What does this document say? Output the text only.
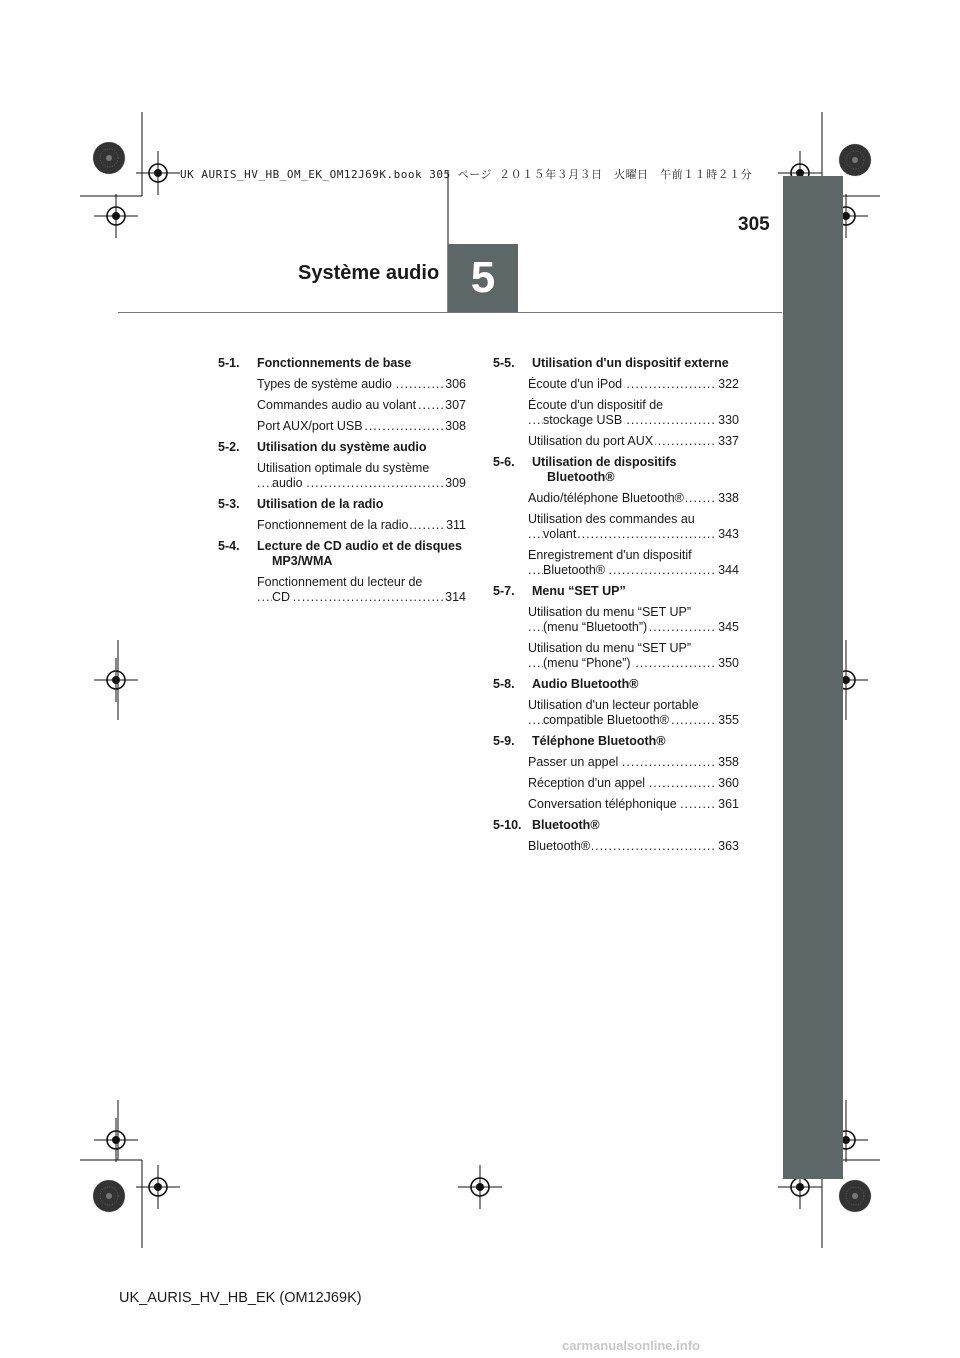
UK AURIS_HV_HB_OM_EK_OM12J69K.book 305 ページ ２０１５年３月３日　火曜日　午前１１時２１分
305
Système audio 5
5-1.	Fonctionnements de base
Types de système audio .....	306
Commandes audio au volant .....	307
Port AUX/port USB .....	308
5-2.	Utilisation du système audio
Utilisation optimale du système audio .....	309
5-3.	Utilisation de la radio
Fonctionnement de la radio .....	311
5-4.	Lecture de CD audio et de disques MP3/WMA
Fonctionnement du lecteur de CD .....	314
5-5.	Utilisation d'un dispositif externe
Écoute d'un iPod .....	322
Écoute d'un dispositif de stockage USB .....	330
Utilisation du port AUX .....	337
5-6.	Utilisation de dispositifs Bluetooth®
Audio/téléphone Bluetooth® .....	338
Utilisation des commandes au volant .....	343
Enregistrement d'un dispositif Bluetooth® .....	344
5-7.	Menu “SET UP”
Utilisation du menu “SET UP” (menu “Bluetooth”) .....	345
Utilisation du menu “SET UP” (menu “Phone”) .....	350
5-8.	Audio Bluetooth®
Utilisation d'un lecteur portable compatible Bluetooth® .....	355
5-9.	Téléphone Bluetooth®
Passer un appel .....	358
Réception d'un appel .....	360
Conversation téléphonique .....	361
5-10. Bluetooth®
Bluetooth® .....	363
UK_AURIS_HV_HB_EK (OM12J69K)
carmanualsonline.info
